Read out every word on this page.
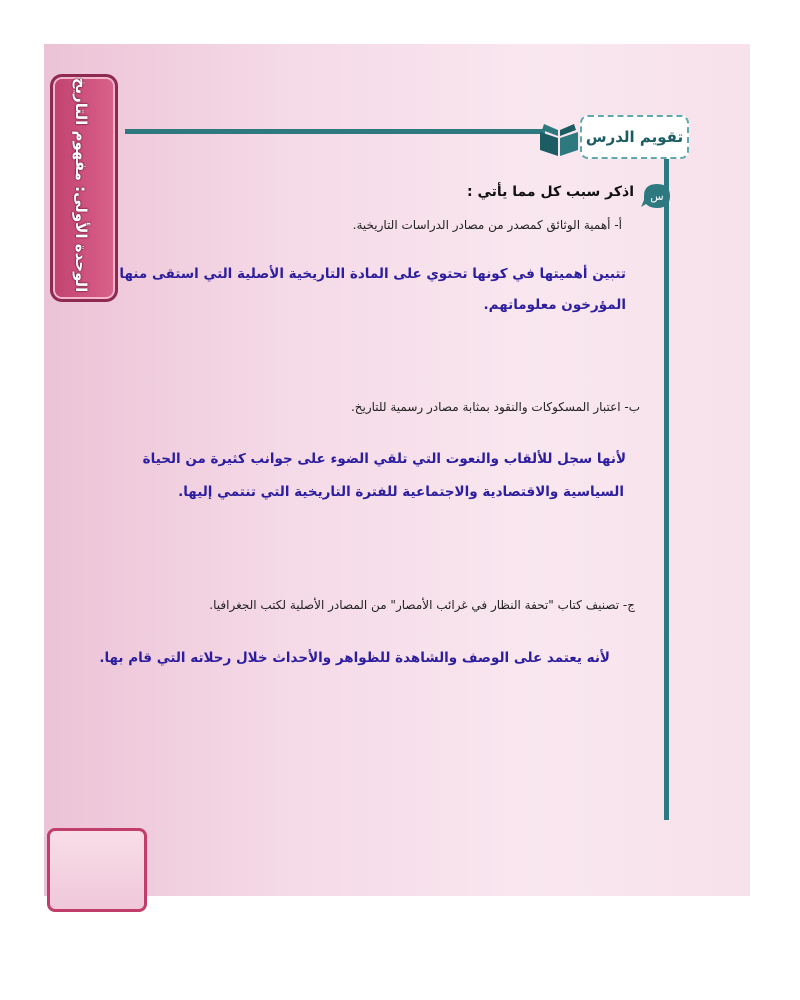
الوحدة الأولى: مفهوم التاريخ	تقويم الدرس
س
اذكر سبب كل مما يأتي :
أ- أهمية الوثائق كمصدر من مصادر الدراسات التاريخية.
تتبين أهميتها في كونها تحتوي على المادة التاريخية الأصلية التي استقى منها
المؤرخون معلوماتهم.
ب- اعتبار المسكوكات والنقود بمثابة مصادر رسمية للتاريخ.
لأنها سجل للألقاب والنعوت التي تلقي الضوء على جوانب كثيرة من الحياة
السياسية والاقتصادية والاجتماعية للفترة التاريخية التي تنتمي إليها.
ج- تصنيف كتاب "تحفة النظار في غرائب الأمصار" من المصادر الأصلية لكتب الجغرافيا.
لأنه يعتمد على الوصف والشاهدة للظواهر والأحداث خلال رحلاته التي قام بها.
